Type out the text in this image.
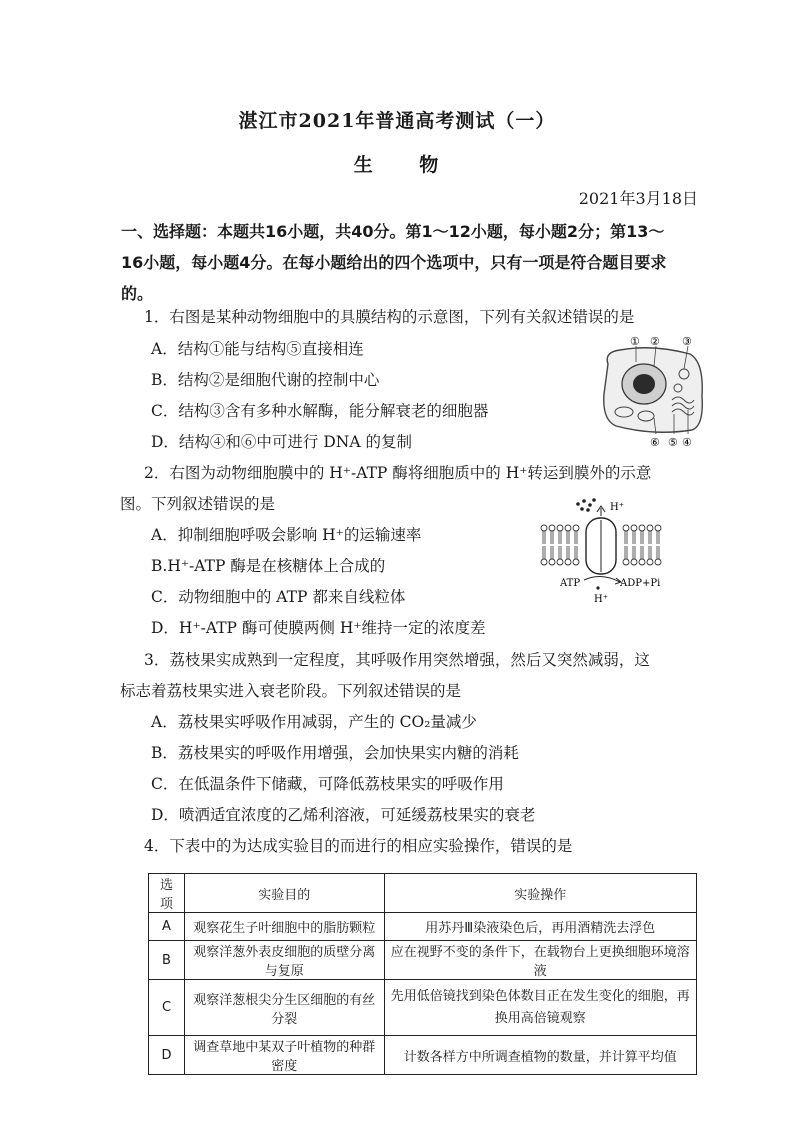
湛江市2021年普通高考测试（一）
生 物
2021年3月18日
一、选择题：本题共16小题，共40分。第1～12小题，每小题2分；第13～16小题，每小题4分。在每小题给出的四个选项中，只有一项是符合题目要求的。
1．右图是某种动物细胞中的具膜结构的示意图，下列有关叙述错误的是
A．结构①能与结构⑤直接相连
B．结构②是细胞代谢的控制中心
C．结构③含有多种水解酶，能分解衰老的细胞器
D．结构④和⑥中可进行 DNA 的复制
① ② ③
④
⑤
⑥
2．右图为动物细胞膜中的 H⁺-ATP 酶将细胞质中的 H⁺转运到膜外的示意
图。下列叙述错误的是
A．抑制细胞呼吸会影响 H⁺的运输速率
B.H⁺-ATP 酶是在核糖体上合成的
C．动物细胞中的 ATP 都来自线粒体
D．H⁺-ATP 酶可使膜两侧 H⁺维持一定的浓度差
H⁺
ATP	ADP+Pi
H⁺
3．荔枝果实成熟到一定程度，其呼吸作用突然增强，然后又突然减弱，这
标志着荔枝果实进入衰老阶段。下列叙述错误的是
A．荔枝果实呼吸作用减弱，产生的 CO₂量减少
B．荔枝果实的呼吸作用增强，会加快果实内糖的消耗
C．在低温条件下储藏，可降低荔枝果实的呼吸作用
D．喷洒适宜浓度的乙烯利溶液，可延缓荔枝果实的衰老
4．下表中的为达成实验目的而进行的相应实验操作，错误的是
选项	实验目的	实验操作
A	观察花生子叶细胞中的脂肪颗粒	用苏丹Ⅲ染液染色后，再用酒精洗去浮色
B	观察洋葱外表皮细胞的质壁分离与复原	应在视野不变的条件下，在载物台上更换细胞环境溶液
C	观察洋葱根尖分生区细胞的有丝分裂	先用低倍镜找到染色体数目正在发生变化的细胞，再换用高倍镜观察
D	调查草地中某双子叶植物的种群密度	计数各样方中所调查植物的数量，并计算平均值
